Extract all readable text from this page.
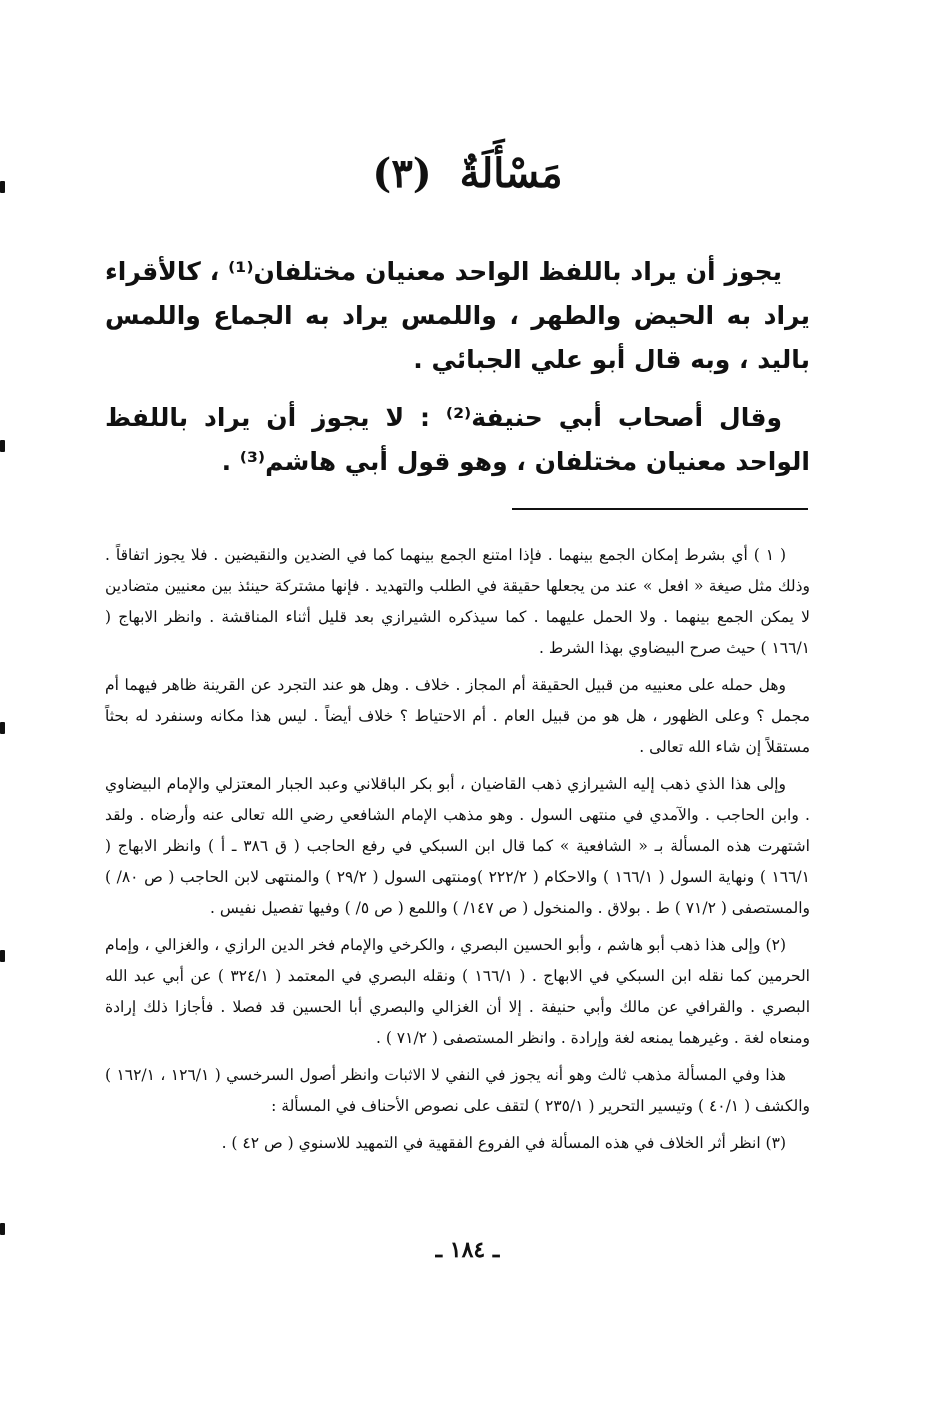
مَسْأَلَةٌ (٣)

يجوز أن يراد باللفظ الواحد معنيان مختلفان⁽¹⁾ ، كالأقراء يراد به الحيض والطهر ، واللمس يراد به الجماع واللمس باليد ، وبه قال أبو علي الجبائي .

وقال أصحاب أبي حنيفة⁽²⁾ : لا يجوز أن يراد باللفظ الواحد معنيان مختلفان ، وهو قول أبي هاشم⁽³⁾ .

( ١ ) أي بشرط إمكان الجمع بينهما . فإذا امتنع الجمع بينهما كما في الضدين والنقيضين . فلا يجوز اتفاقاً . وذلك مثل صيغة « افعل » عند من يجعلها حقيقة في الطلب والتهديد . فإنها مشتركة حينئذ بين معنيين متضادين لا يمكن الجمع بينهما . ولا الحمل عليهما . كما سيذكره الشيرازي بعد قليل أثناء المناقشة . وانظر الابهاج ( ١٦٦/١ ) حيث صرح البيضاوي بهذا الشرط .

وهل حمله على معنييه من قبيل الحقيقة أم المجاز . خلاف . وهل هو عند التجرد عن القرينة ظاهر فيهما أم مجمل ؟ وعلى الظهور ، هل هو من قبيل العام . أم الاحتياط ؟ خلاف أيضاً . ليس هذا مكانه وسنفرد له بحثاً مستقلاً إن شاء الله تعالى .

وإلى هذا الذي ذهب إليه الشيرازي ذهب القاضيان ، أبو بكر الباقلاني وعبد الجبار المعتزلي والإمام البيضاوي . وابن الحاجب . والآمدي في منتهى السول . وهو مذهب الإمام الشافعي رضي الله تعالى عنه وأرضاه . ولقد اشتهرت هذه المسألة بـ « الشافعية » كما قال ابن السبكي في رفع الحاجب ( ق ٣٨٦ ـ أ ) وانظر الابهاج ( ١٦٦/١ ) ونهاية السول ( ١٦٦/١ ) والاحكام ( ٢٢٢/٢ )ومنتهى السول ( ٢٩/٢ ) والمنتهى لابن الحاجب ( ص ٨٠/ ) والمستصفى ( ٧١/٢ ) ط . بولاق . والمنخول ( ص ١٤٧/ ) واللمع ( ص ٥/ ) وفيها تفصيل نفيس .

(٢) وإلى هذا ذهب أبو هاشم ، وأبو الحسين البصري ، والكرخي والإمام فخر الدين الرازي ، والغزالي ، وإمام الحرمين كما نقله ابن السبكي في الابهاج . ( ١٦٦/١ ) ونقله البصري في المعتمد ( ٣٢٤/١ ) عن أبي عبد الله البصري . والقرافي عن مالك وأبي حنيفة . إلا أن الغزالي والبصري أبا الحسين قد فصلا . فأجازا ذلك إرادة ومنعاه لغة . وغيرهما يمنعه لغة وإرادة . وانظر المستصفى ( ٧١/٢ ) .

هذا وفي المسألة مذهب ثالث وهو أنه يجوز في النفي لا الاثبات وانظر أصول السرخسي ( ١٢٦/١ ، ١٦٢/١ ) والكشف ( ٤٠/١ ) وتيسير التحرير ( ٢٣٥/١ ) لتقف على نصوص الأحناف في المسألة :

(٣) انظر أثر الخلاف في هذه المسألة في الفروع الفقهية في التمهيد للاسنوي ( ص ٤٢ ) .

ـ ١٨٤ ـ
